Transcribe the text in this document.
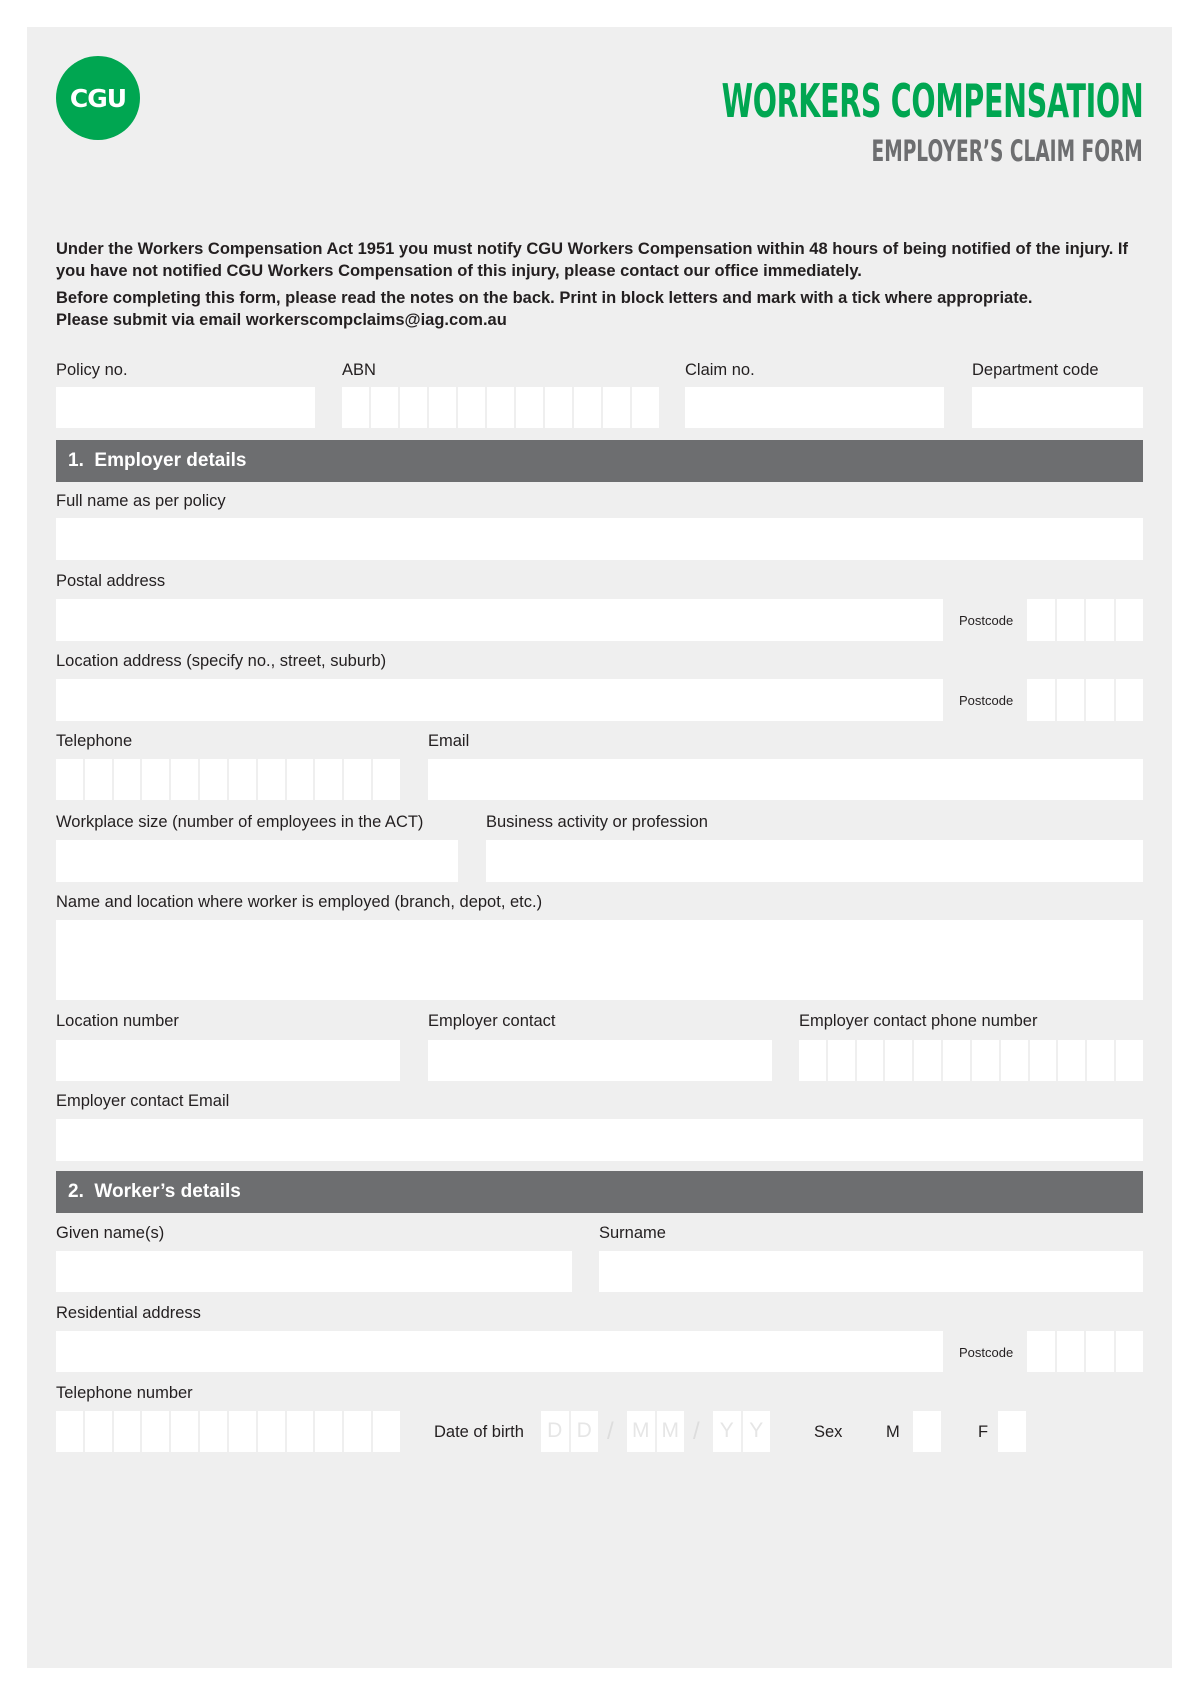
CGU	WORKERS COMPENSATION
EMPLOYER’S CLAIM FORM
Under the Workers Compensation Act 1951 you must notify CGU Workers Compensation within 48 hours of being notified of the injury. If you have not notified CGU Workers Compensation of this injury, please contact our office immediately.
Before completing this form, please read the notes on the back. Print in block letters and mark with a tick where appropriate.
Please submit via email workerscompclaims@iag.com.au
Policy no.	ABN	Claim no.	Department code
1.  Employer details
Full name as per policy
Postal address
Postcode
Location address (specify no., street, suburb)
Postcode
Telephone	Email
Workplace size (number of employees in the ACT)	Business activity or profession
Name and location where worker is employed (branch, depot, etc.)
Location number	Employer contact	Employer contact phone number
Employer contact Email
2.  Worker’s details
Given name(s)	Surname
Residential address
Postcode
Telephone number
Date of birth D D / M M / Y Y	Sex	M	F
